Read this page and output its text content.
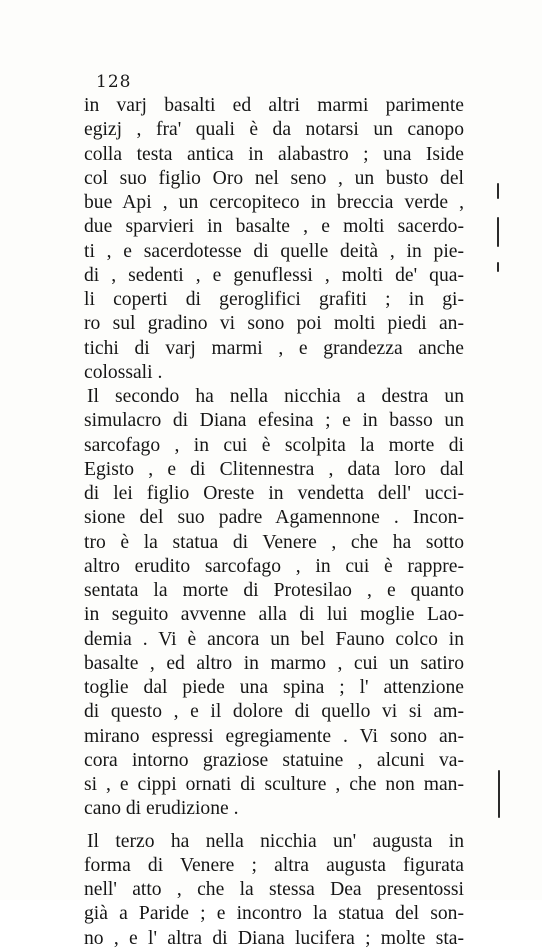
128
in varj basalti ed altri marmi parimente
egizj , fra' quali è da notarsi un canopo
colla testa antica in alabastro ; una Iside
col suo figlio Oro nel seno , un busto del
bue Api , un cercopiteco in breccia verde ,
due sparvieri in basalte , e molti sacerdo-
ti , e sacerdotesse di quelle deità , in pie-
di , sedenti , e genuflessi , molti de' qua-
li coperti di geroglifici grafiti ; in gi-
ro sul gradino vi sono poi molti piedi an-
tichi di varj marmi , e grandezza anche
colossali .
Il secondo ha nella nicchia a destra un
simulacro di Diana efesina ; e in basso un
sarcofago , in cui è scolpita la morte di
Egisto , e di Clitennestra , data loro dal
di lei figlio Oreste in vendetta dell' ucci-
sione del suo padre Agamennone . Incon-
tro è la statua di Venere , che ha sotto
altro erudito sarcofago , in cui è rappre-
sentata la morte di Protesilao , e quanto
in seguito avvenne alla di lui moglie Lao-
demia . Vi è ancora un bel Fauno colco in
basalte , ed altro in marmo , cui un satiro
toglie dal piede una spina ; l' attenzione
di questo , e il dolore di quello vi si am-
mirano espressi egregiamente . Vi sono an-
cora intorno graziose statuine , alcuni va-
si , e cippi ornati di sculture , che non man-
cano di erudizione .
Il terzo ha nella nicchia un' augusta in
forma di Venere ; altra augusta figurata
nell' atto , che la stessa Dea presentossi
già a Paride ; e incontro la statua del son-
no , e l' altra di Diana lucifera ; molte sta-
